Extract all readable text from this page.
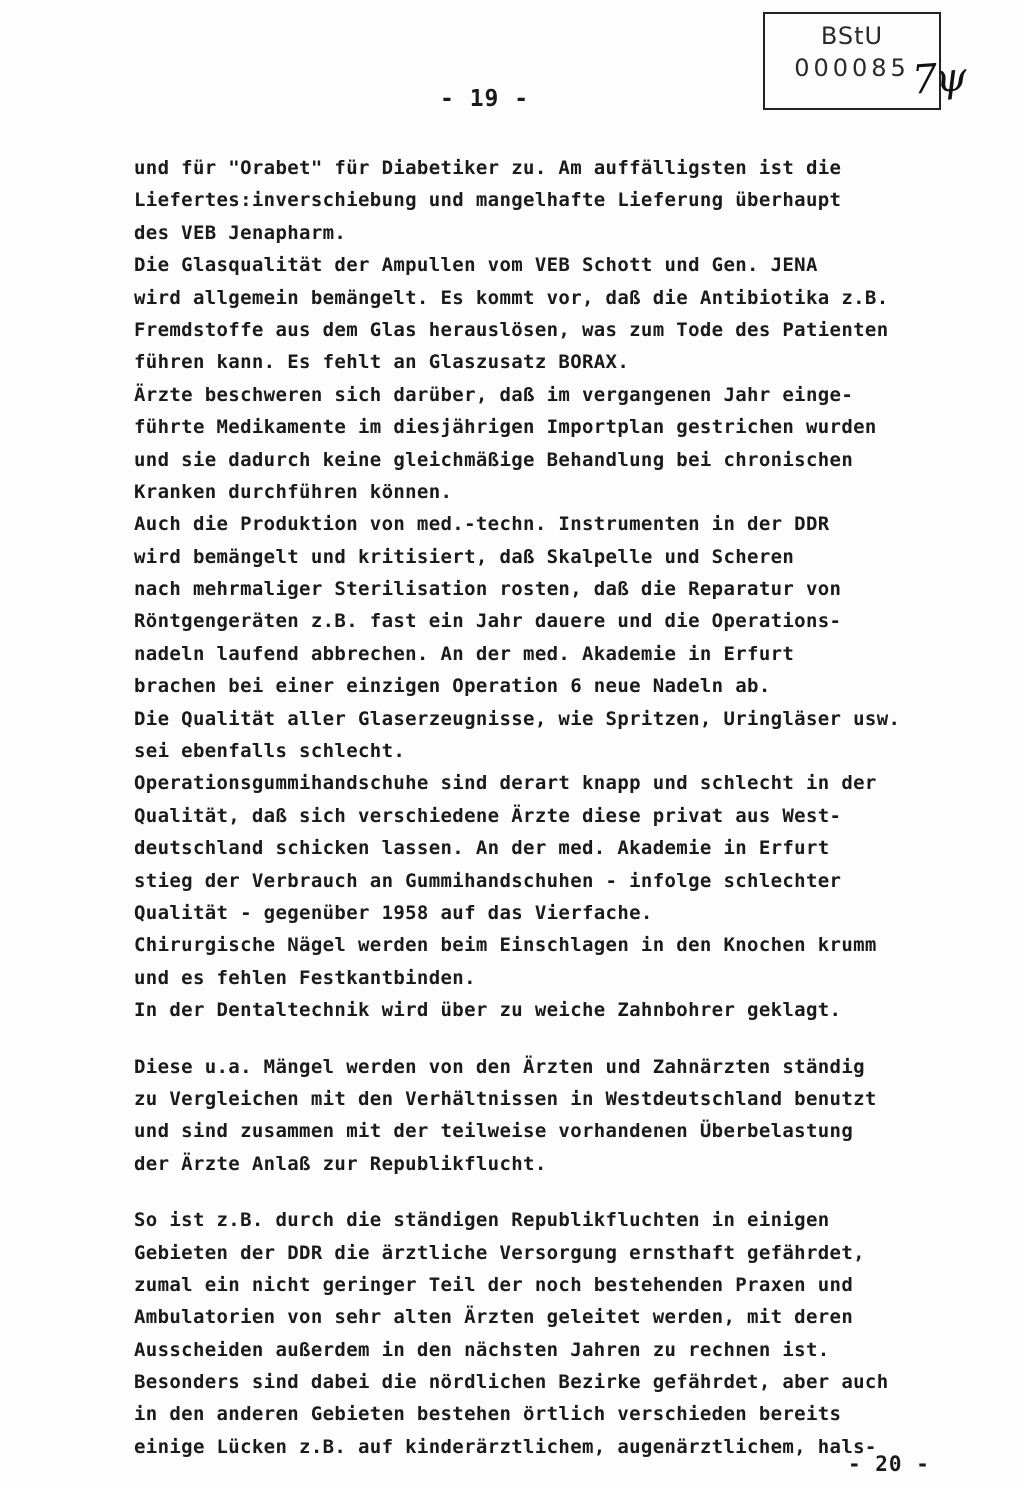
BStU
000085 7ψ
- 19 -
und für "Orabet" für Diabetiker zu. Am auffälligsten ist die
Liefertes:inverschiebung und mangelhafte Lieferung überhaupt
des VEB Jenapharm.
Die Glasqualität der Ampullen vom VEB Schott und Gen. JENA
wird allgemein bemängelt. Es kommt vor, daß die Antibiotika z.B.
Fremdstoffe aus dem Glas herauslösen, was zum Tode des Patienten
führen kann. Es fehlt an Glaszusatz BORAX.
Ärzte beschweren sich darüber, daß im vergangenen Jahr einge-
führte Medikamente im diesjährigen Importplan gestrichen wurden
und sie dadurch keine gleichmäßige Behandlung bei chronischen
Kranken durchführen können.
Auch die Produktion von med.-techn. Instrumenten in der DDR
wird bemängelt und kritisiert, daß Skalpelle und Scheren
nach mehrmaliger Sterilisation rosten, daß die Reparatur von
Röntgengeräten z.B. fast ein Jahr dauere und die Operations-
nadeln laufend abbrechen. An der med. Akademie in Erfurt
brachen bei einer einzigen Operation 6 neue Nadeln ab.
Die Qualität aller Glaserzeugnisse, wie Spritzen, Uringläser usw.
sei ebenfalls schlecht.
Operationsgummihandschuhe sind derart knapp und schlecht in der
Qualität, daß sich verschiedene Ärzte diese privat aus West-
deutschland schicken lassen. An der med. Akademie in Erfurt
stieg der Verbrauch an Gummihandschuhen - infolge schlechter
Qualität - gegenüber 1958 auf das Vierfache.
Chirurgische Nägel werden beim Einschlagen in den Knochen krumm
und es fehlen Festkantbinden.
In der Dentaltechnik wird über zu weiche Zahnbohrer geklagt.
Diese u.a. Mängel werden von den Ärzten und Zahnärzten ständig
zu Vergleichen mit den Verhältnissen in Westdeutschland benutzt
und sind zusammen mit der teilweise vorhandenen Überbelastung
der Ärzte Anlaß zur Republikflucht.
So ist z.B. durch die ständigen Republikfluchten in einigen
Gebieten der DDR die ärztliche Versorgung ernsthaft gefährdet,
zumal ein nicht geringer Teil der noch bestehenden Praxen und
Ambulatorien von sehr alten Ärzten geleitet werden, mit deren
Ausscheiden außerdem in den nächsten Jahren zu rechnen ist.
Besonders sind dabei die nördlichen Bezirke gefährdet, aber auch
in den anderen Gebieten bestehen örtlich verschieden bereits
einige Lücken z.B. auf kinderärztlichem, augenärztlichem, hals-
- 20 -
